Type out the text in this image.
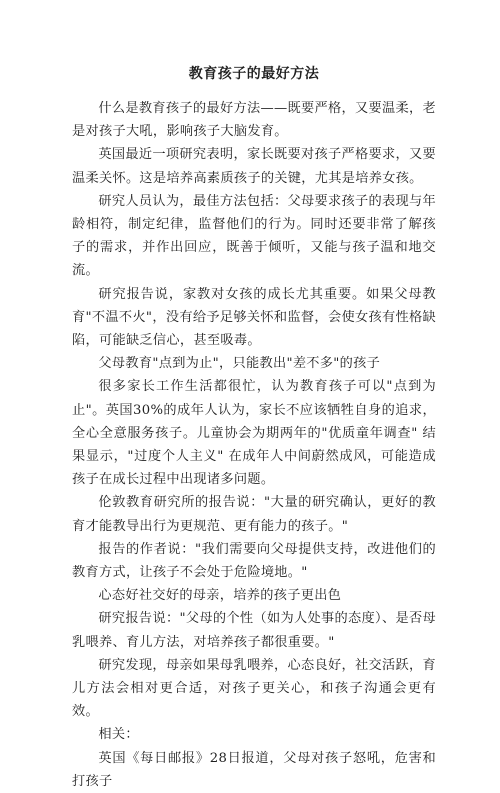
教育孩子的最好方法

什么是教育孩子的最好方法——既要严格，又要温柔，老是对孩子大吼，影响孩子大脑发育。

英国最近一项研究表明，家长既要对孩子严格要求，又要温柔关怀。这是培养高素质孩子的关键，尤其是培养女孩。

研究人员认为，最佳方法包括：父母要求孩子的表现与年龄相符，制定纪律，监督他们的行为。同时还要非常了解孩子的需求，并作出回应，既善于倾听，又能与孩子温和地交流。

研究报告说，家教对女孩的成长尤其重要。如果父母教育"不温不火"，没有给予足够关怀和监督，会使女孩有性格缺陷，可能缺乏信心，甚至吸毒。

父母教育"点到为止"，只能教出"差不多"的孩子

很多家长工作生活都很忙，认为教育孩子可以"点到为止"。英国30%的成年人认为，家长不应该牺牲自身的追求，全心全意服务孩子。儿童协会为期两年的"优质童年调查" 结果显示，"过度个人主义" 在成年人中间蔚然成风，可能造成孩子在成长过程中出现诸多问题。

伦敦教育研究所的报告说："大量的研究确认，更好的教育才能教导出行为更规范、更有能力的孩子。"

报告的作者说："我们需要向父母提供支持，改进他们的教育方式，让孩子不会处于危险境地。"

心态好社交好的母亲，培养的孩子更出色

研究报告说："父母的个性（如为人处事的态度）、是否母乳喂养、育儿方法，对培养孩子都很重要。"

研究发现，母亲如果母乳喂养，心态良好，社交活跃，育儿方法会相对更合适，对孩子更关心，和孩子沟通会更有效。

相关：

英国《每日邮报》28日报道，父母对孩子怒吼，危害和打孩子
